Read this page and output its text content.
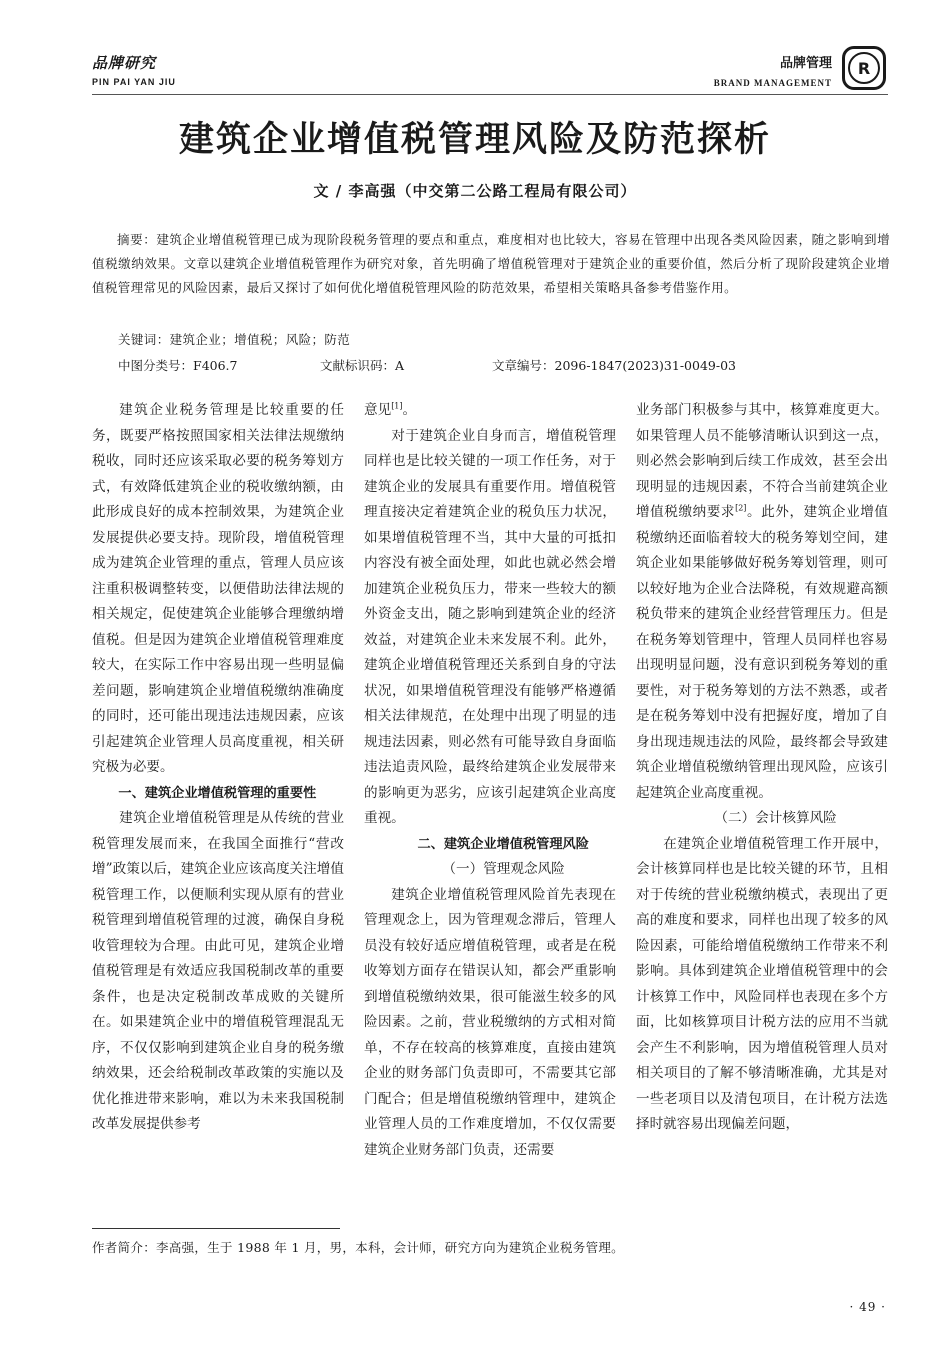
品牌研究
PIN PAI YAN JIU
品牌管理
BRAND MANAGEMENT
R
建筑企业增值税管理风险及防范探析
文 / 李高强（中交第二公路工程局有限公司）
摘要：建筑企业增值税管理已成为现阶段税务管理的要点和重点，难度相对也比较大，容易在管理中出现各类风险因素，随之影响到增值税缴纳效果。文章以建筑企业增值税管理作为研究对象，首先明确了增值税管理对于建筑企业的重要价值，然后分析了现阶段建筑企业增值税管理常见的风险因素，最后又探讨了如何优化增值税管理风险的防范效果，希望相关策略具备参考借鉴作用。
关键词：建筑企业；增值税；风险；防范
中图分类号：F406.7	文献标识码：A	文章编号：2096-1847(2023)31-0049-03

建筑企业税务管理是比较重要的任务，既要严格按照国家相关法律法规缴纳税收，同时还应该采取必要的税务筹划方式，有效降低建筑企业的税收缴纳额，由此形成良好的成本控制效果，为建筑企业发展提供必要支持。现阶段，增值税管理成为建筑企业管理的重点，管理人员应该注重积极调整转变，以便借助法律法规的相关规定，促使建筑企业能够合理缴纳增值税。但是因为建筑企业增值税管理难度较大，在实际工作中容易出现一些明显偏差问题，影响建筑企业增值税缴纳准确度的同时，还可能出现违法违规因素，应该引起建筑企业管理人员高度重视，相关研究极为必要。

一、建筑企业增值税管理的重要性

建筑企业增值税管理是从传统的营业税管理发展而来，在我国全面推行“营改增”政策以后，建筑企业应该高度关注增值税管理工作，以便顺利实现从原有的营业税管理到增值税管理的过渡，确保自身税收管理较为合理。由此可见，建筑企业增值税管理是有效适应我国税制改革的重要条件，也是决定税制改革成败的关键所在。如果建筑企业中的增值税管理混乱无序，不仅仅影响到建筑企业自身的税务缴纳效果，还会给税制改革政策的实施以及优化推进带来影响，难以为未来我国税制改革发展提供参考

意见[1]。

对于建筑企业自身而言，增值税管理同样也是比较关键的一项工作任务，对于建筑企业的发展具有重要作用。增值税管理直接决定着建筑企业的税负压力状况，如果增值税管理不当，其中大量的可抵扣内容没有被全面处理，如此也就必然会增加建筑企业税负压力，带来一些较大的额外资金支出，随之影响到建筑企业的经济效益，对建筑企业未来发展不利。此外，建筑企业增值税管理还关系到自身的守法状况，如果增值税管理没有能够严格遵循相关法律规范，在处理中出现了明显的违规违法因素，则必然有可能导致自身面临违法追责风险，最终给建筑企业发展带来的影响更为恶劣，应该引起建筑企业高度重视。

二、建筑企业增值税管理风险

（一）管理观念风险

建筑企业增值税管理风险首先表现在管理观念上，因为管理观念滞后，管理人员没有较好适应增值税管理，或者是在税收筹划方面存在错误认知，都会严重影响到增值税缴纳效果，很可能滋生较多的风险因素。之前，营业税缴纳的方式相对简单，不存在较高的核算难度，直接由建筑企业的财务部门负责即可，不需要其它部门配合；但是增值税缴纳管理中，建筑企业管理人员的工作难度增加，不仅仅需要建筑企业财务部门负责，还需要

业务部门积极参与其中，核算难度更大。如果管理人员不能够清晰认识到这一点，则必然会影响到后续工作成效，甚至会出现明显的违规因素，不符合当前建筑企业增值税缴纳要求[2]。此外，建筑企业增值税缴纳还面临着较大的税务筹划空间，建筑企业如果能够做好税务筹划管理，则可以较好地为企业合法降税，有效规避高额税负带来的建筑企业经营管理压力。但是在税务筹划管理中，管理人员同样也容易出现明显问题，没有意识到税务筹划的重要性，对于税务筹划的方法不熟悉，或者是在税务筹划中没有把握好度，增加了自身出现违规违法的风险，最终都会导致建筑企业增值税缴纳管理出现风险，应该引起建筑企业高度重视。

（二）会计核算风险

在建筑企业增值税管理工作开展中，会计核算同样也是比较关键的环节，且相对于传统的营业税缴纳模式，表现出了更高的难度和要求，同样也出现了较多的风险因素，可能给增值税缴纳工作带来不利影响。具体到建筑企业增值税管理中的会计核算工作中，风险同样也表现在多个方面，比如核算项目计税方法的应用不当就会产生不利影响，因为增值税管理人员对相关项目的了解不够清晰准确，尤其是对一些老项目以及清包项目，在计税方法选择时就容易出现偏差问题，

作者简介：李高强，生于 1988 年 1 月，男，本科，会计师，研究方向为建筑企业税务管理。
· 49 ·
